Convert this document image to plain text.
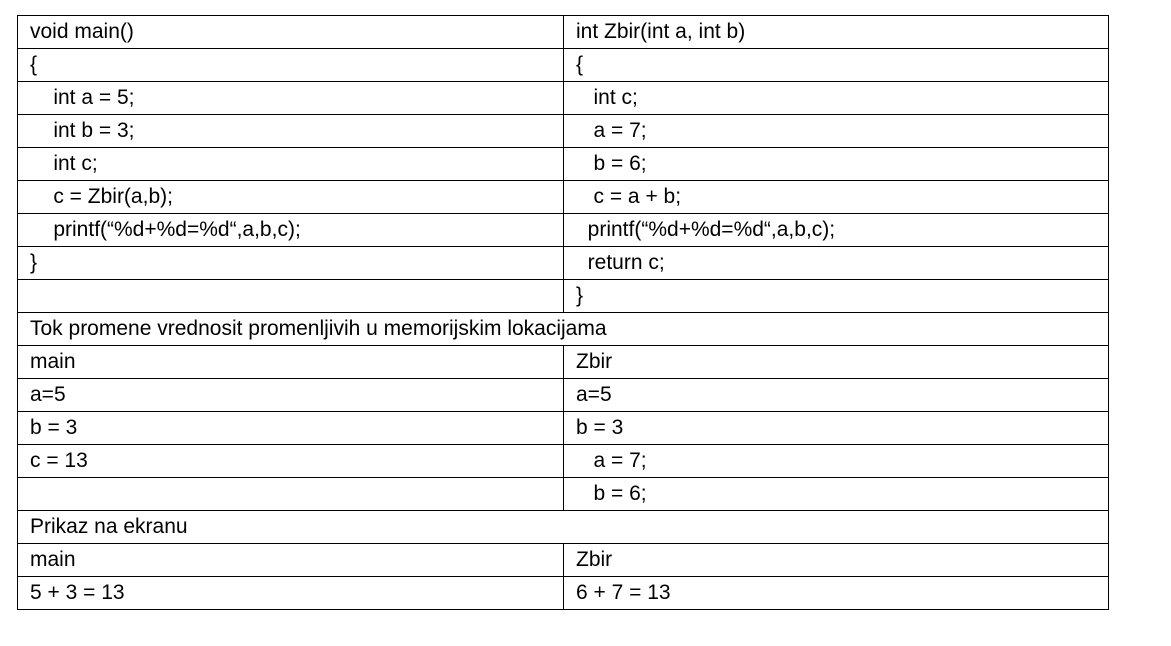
void main()	int Zbir(int a, int b)
{	{
int a = 5;	int c;
int b = 3;	a = 7;
int c;	b = 6;
c = Zbir(a,b);	c = a + b;
printf(“%d+%d=%d“,a,b,c);	printf(“%d+%d=%d“,a,b,c);
}	return c;
	}
Tok promene vrednosit promenljivih u memorijskim lokacijama	
main	Zbir
a=5	a=5
b = 3	b = 3
c = 13	a = 7;
	b = 6;
Prikaz na ekranu	
main	Zbir
5 + 3 = 13	6 + 7 = 13
